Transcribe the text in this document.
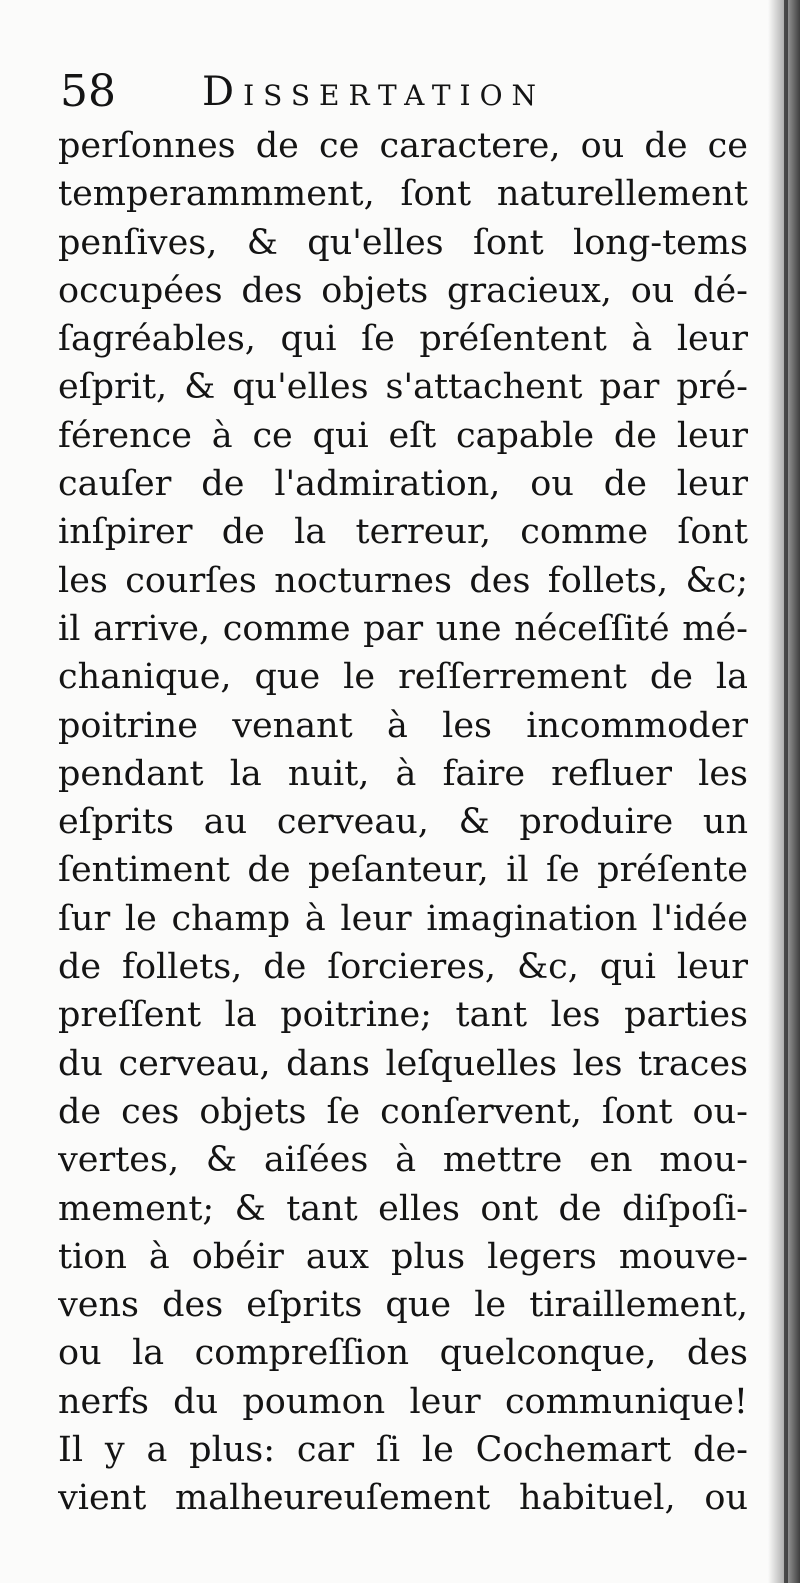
58 Dissertation
perſonnes de ce caractere, ou de ce
temperammment, ſont naturellement
penſives, & qu'elles ſont long-tems
occupées des objets gracieux, ou dé-
ſagréables, qui ſe préſentent à leur
eſprit, & qu'elles s'attachent par pré-
férence à ce qui eſt capable de leur
cauſer de l'admiration, ou de leur
inſpirer de la terreur, comme ſont
les courſes nocturnes des follets, &c;
il arrive, comme par une néceſſité mé-
chanique, que le reſſerrement de la
poitrine venant à les incommoder
pendant la nuit, à faire refluer les
eſprits au cerveau, & produire un
ſentiment de peſanteur, il ſe préſente
ſur le champ à leur imagination l'idée
de follets, de ſorcieres, &c, qui leur
preſſent la poitrine; tant les parties
du cerveau, dans leſquelles les traces
de ces objets ſe conſervent, ſont ou-
vertes, & aiſées à mettre en mou-
mement; & tant elles ont de diſpoſi-
tion à obéir aux plus legers mouve-
vens des eſprits que le tiraillement,
ou la compreſſion quelconque, des
nerfs du poumon leur communique!
Il y a plus: car ſi le Cochemart de-
vient malheureuſement habituel, ou
